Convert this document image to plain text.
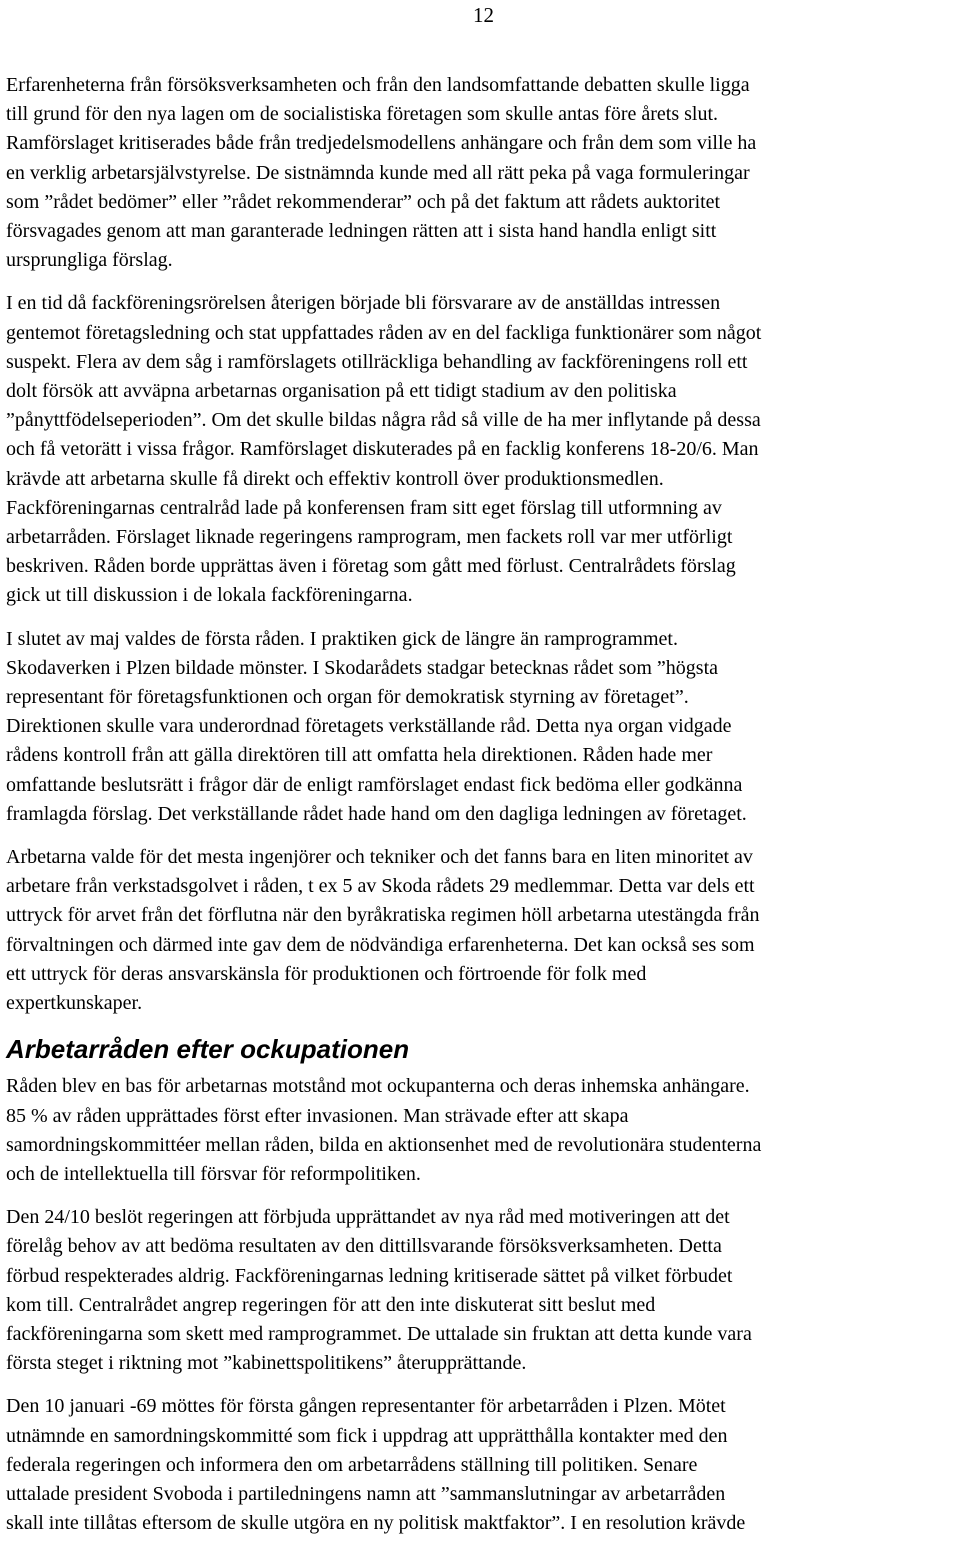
12

Erfarenheterna från försöksverksamheten och från den landsomfattande debatten skulle ligga
till grund för den nya lagen om de socialistiska företagen som skulle antas före årets slut.
Ramförslaget kritiserades både från tredjedelsmodellens anhängare och från dem som ville ha
en verklig arbetarsjälvstyrelse. De sistnämnda kunde med all rätt peka på vaga formuleringar
som ”rådet bedömer” eller ”rådet rekommenderar” och på det faktum att rådets auktoritet
försvagades genom att man garanterade ledningen rätten att i sista hand handla enligt sitt
ursprungliga förslag.

I en tid då fackföreningsrörelsen återigen började bli försvarare av de anställdas intressen
gentemot företagsledning och stat uppfattades råden av en del fackliga funktionärer som något
suspekt. Flera av dem såg i ramförslagets otillräckliga behandling av fackföreningens roll ett
dolt försök att avväpna arbetarnas organisation på ett tidigt stadium av den politiska
”pånyttfödelseperioden”. Om det skulle bildas några råd så ville de ha mer inflytande på dessa
och få vetorätt i vissa frågor. Ramförslaget diskuterades på en facklig konferens 18-20/6. Man
krävde att arbetarna skulle få direkt och effektiv kontroll över produktionsmedlen.
Fackföreningarnas centralråd lade på konferensen fram sitt eget förslag till utformning av
arbetarråden. Förslaget liknade regeringens ramprogram, men fackets roll var mer utförligt
beskriven. Råden borde upprättas även i företag som gått med förlust. Centralrådets förslag
gick ut till diskussion i de lokala fackföreningarna.

I slutet av maj valdes de första råden. I praktiken gick de längre än ramprogrammet.
Skodaverken i Plzen bildade mönster. I Skodarådets stadgar betecknas rådet som ”högsta
representant för företagsfunktionen och organ för demokratisk styrning av företaget”.
Direktionen skulle vara underordnad företagets verkställande råd. Detta nya organ vidgade
rådens kontroll från att gälla direktören till att omfatta hela direktionen. Råden hade mer
omfattande beslutsrätt i frågor där de enligt ramförslaget endast fick bedöma eller godkänna
framlagda förslag. Det verkställande rådet hade hand om den dagliga ledningen av företaget.

Arbetarna valde för det mesta ingenjörer och tekniker och det fanns bara en liten minoritet av
arbetare från verkstadsgolvet i råden, t ex 5 av Skoda rådets 29 medlemmar. Detta var dels ett
uttryck för arvet från det förflutna när den byråkratiska regimen höll arbetarna utestängda från
förvaltningen och därmed inte gav dem de nödvändiga erfarenheterna. Det kan också ses som
ett uttryck för deras ansvarskänsla för produktionen och förtroende för folk med
expertkunskaper.

Arbetarråden efter ockupationen

Råden blev en bas för arbetarnas motstånd mot ockupanterna och deras inhemska anhängare.
85 % av råden upprättades först efter invasionen. Man strävade efter att skapa
samordningskommittéer mellan råden, bilda en aktionsenhet med de revolutionära studenterna
och de intellektuella till försvar för reformpolitiken.

Den 24/10 beslöt regeringen att förbjuda upprättandet av nya råd med motiveringen att det
förelåg behov av att bedöma resultaten av den dittillsvarande försöksverksamheten. Detta
förbud respekterades aldrig. Fackföreningarnas ledning kritiserade sättet på vilket förbudet
kom till. Centralrådet angrep regeringen för att den inte diskuterat sitt beslut med
fackföreningarna som skett med ramprogrammet. De uttalade sin fruktan att detta kunde vara
första steget i riktning mot ”kabinettspolitikens” återupprättande.

Den 10 januari -69 möttes för första gången representanter för arbetarråden i Plzen. Mötet
utnämnde en samordningskommitté som fick i uppdrag att upprätthålla kontakter med den
federala regeringen och informera den om arbetarrådens ställning till politiken. Senare
uttalade president Svoboda i partiledningens namn att ”sammanslutningar av arbetarråden
skall inte tillåtas eftersom de skulle utgöra en ny politisk maktfaktor”. I en resolution krävde
